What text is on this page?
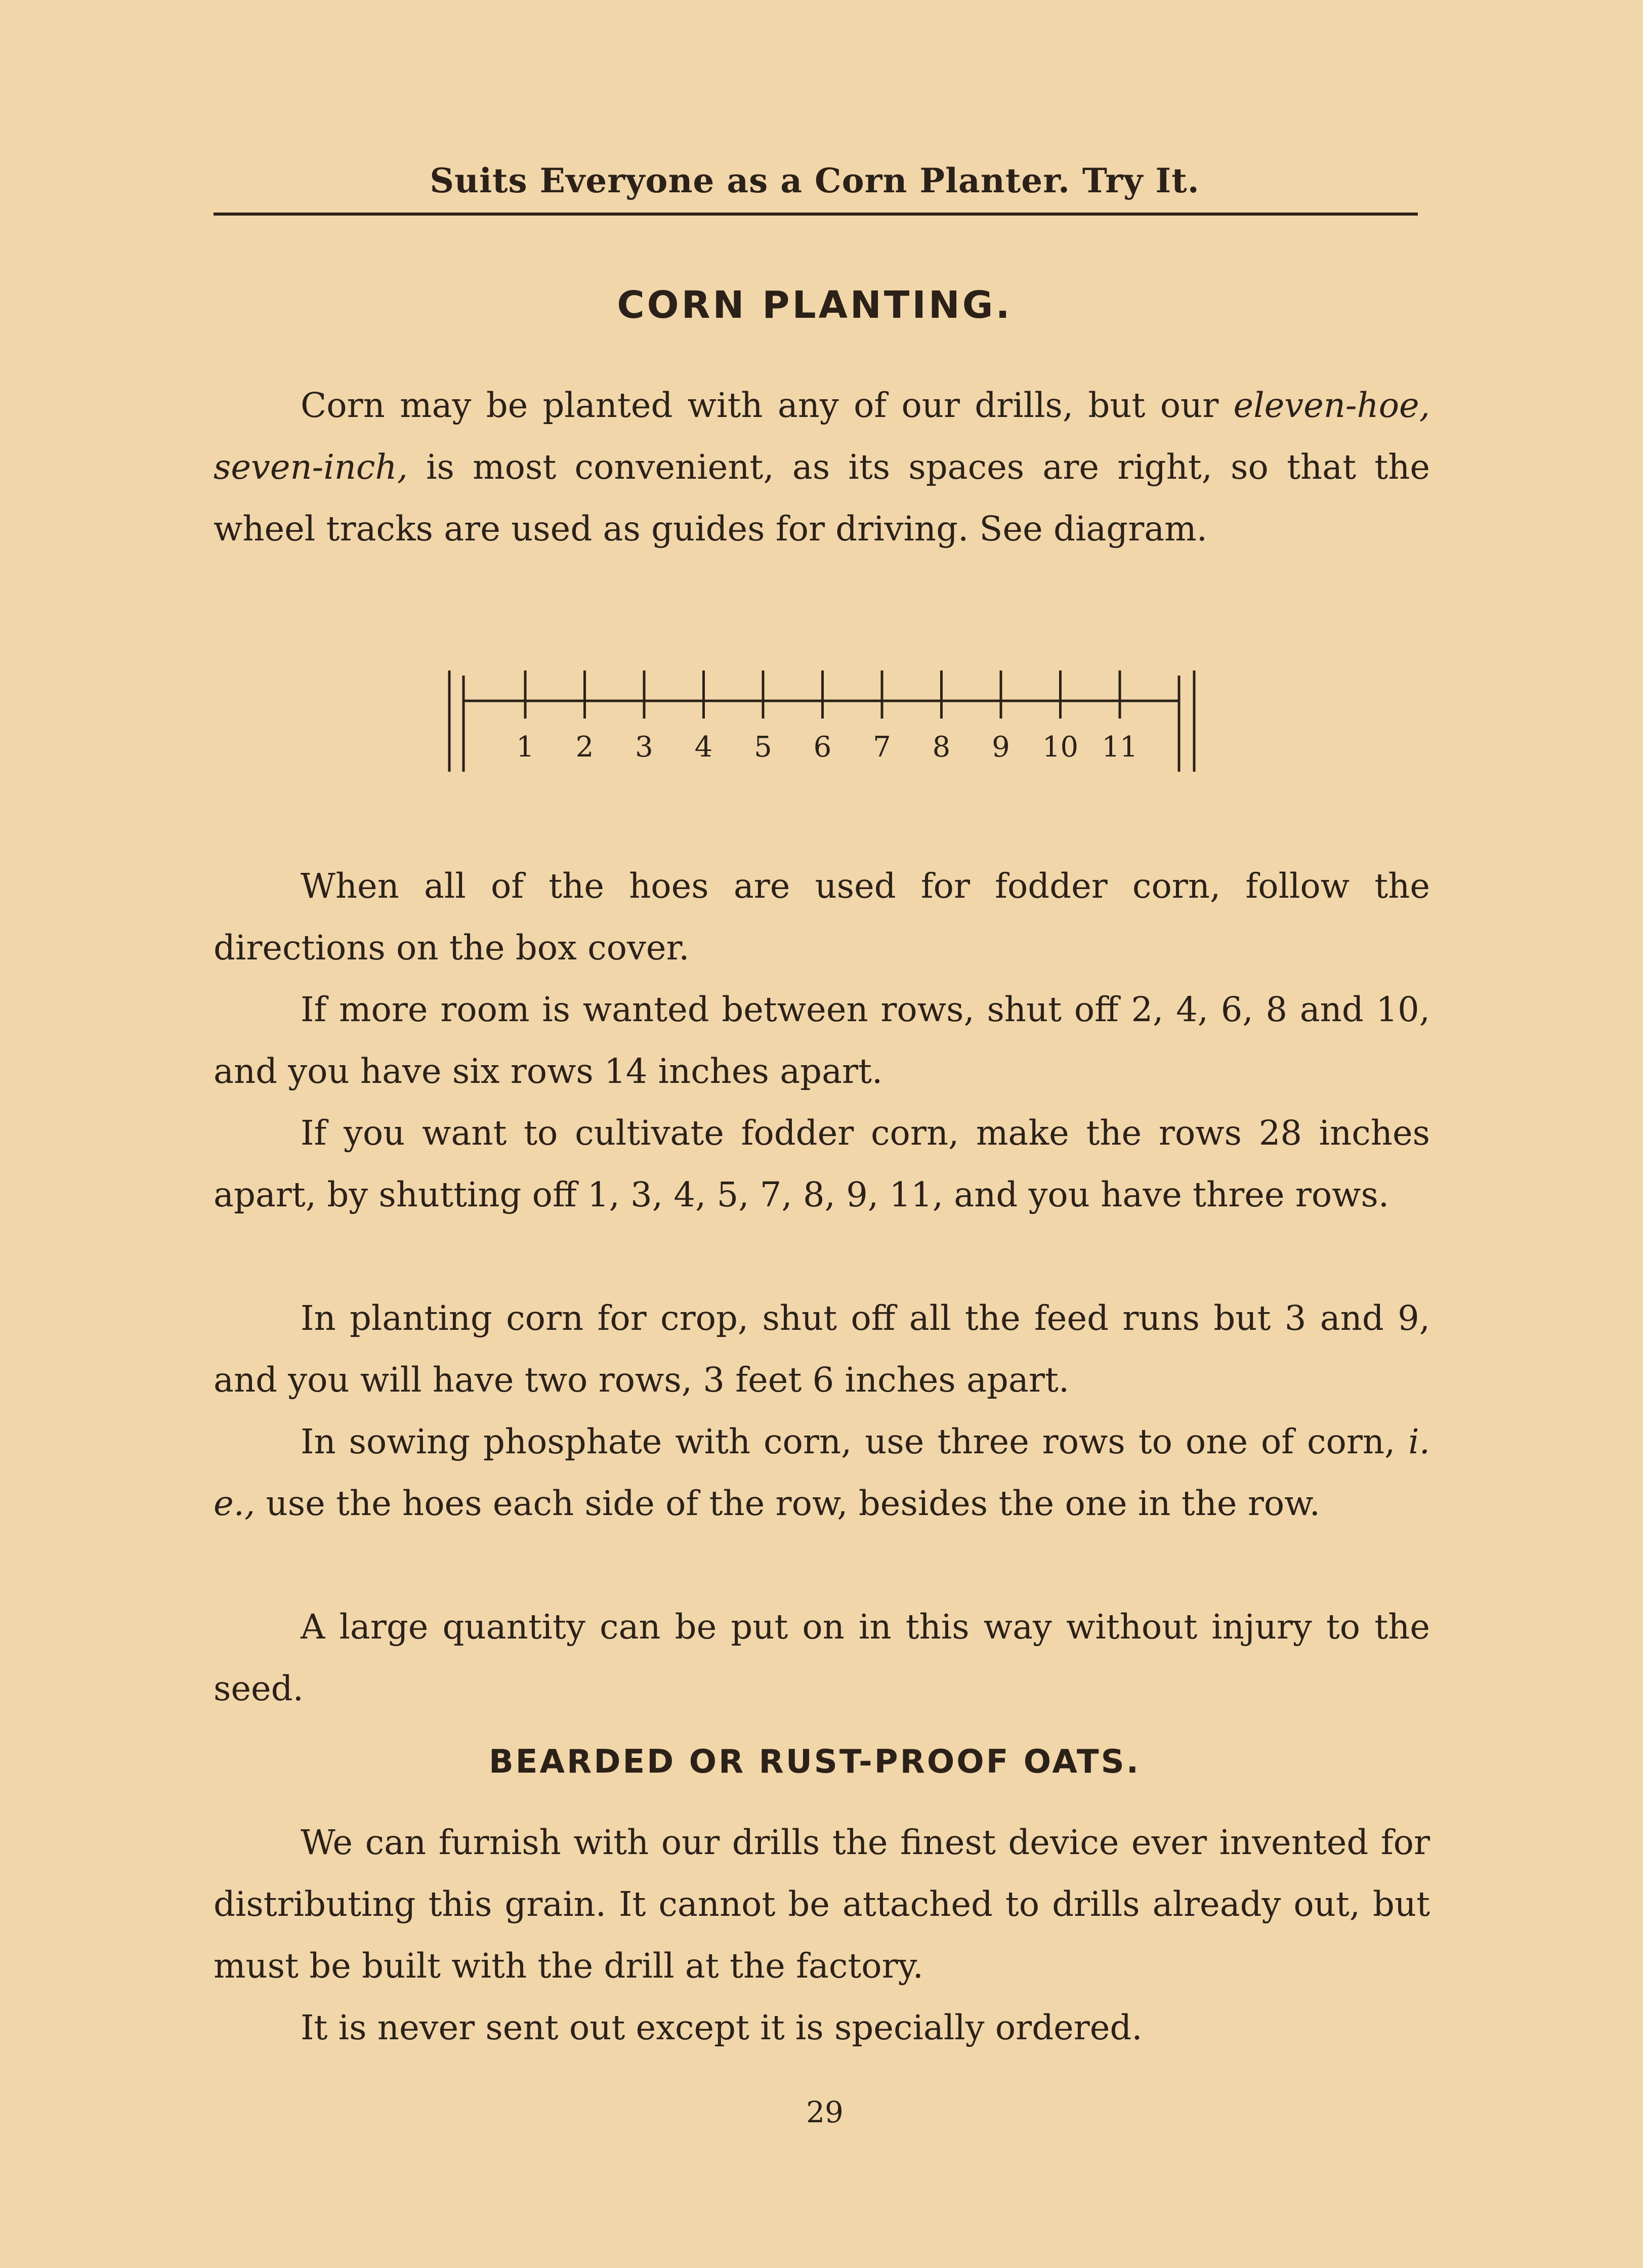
Suits Everyone as a Corn Planter. Try It.
CORN PLANTING.

Corn may be planted with any of our drills, but our eleven-hoe, seven-inch, is most convenient, as its spaces are right, so that the wheel tracks are used as guides for driving. See diagram.

1 2 3 4 5 6 7 8 9 10 11

When all of the hoes are used for fodder corn, follow the directions on the box cover.

If more room is wanted between rows, shut off 2, 4, 6, 8 and 10, and you have six rows 14 inches apart.

If you want to cultivate fodder corn, make the rows 28 inches apart, by shutting off 1, 3, 4, 5, 7, 8, 9, 11, and you have three rows.

In planting corn for crop, shut off all the feed runs but 3 and 9, and you will have two rows, 3 feet 6 inches apart.

In sowing phosphate with corn, use three rows to one of corn, i. e., use the hoes each side of the row, besides the one in the row.

A large quantity can be put on in this way without injury to the seed.

BEARDED OR RUST-PROOF OATS.

We can furnish with our drills the finest device ever invented for distributing this grain. It cannot be attached to drills already out, but must be built with the drill at the factory.

It is never sent out except it is specially ordered.

29
